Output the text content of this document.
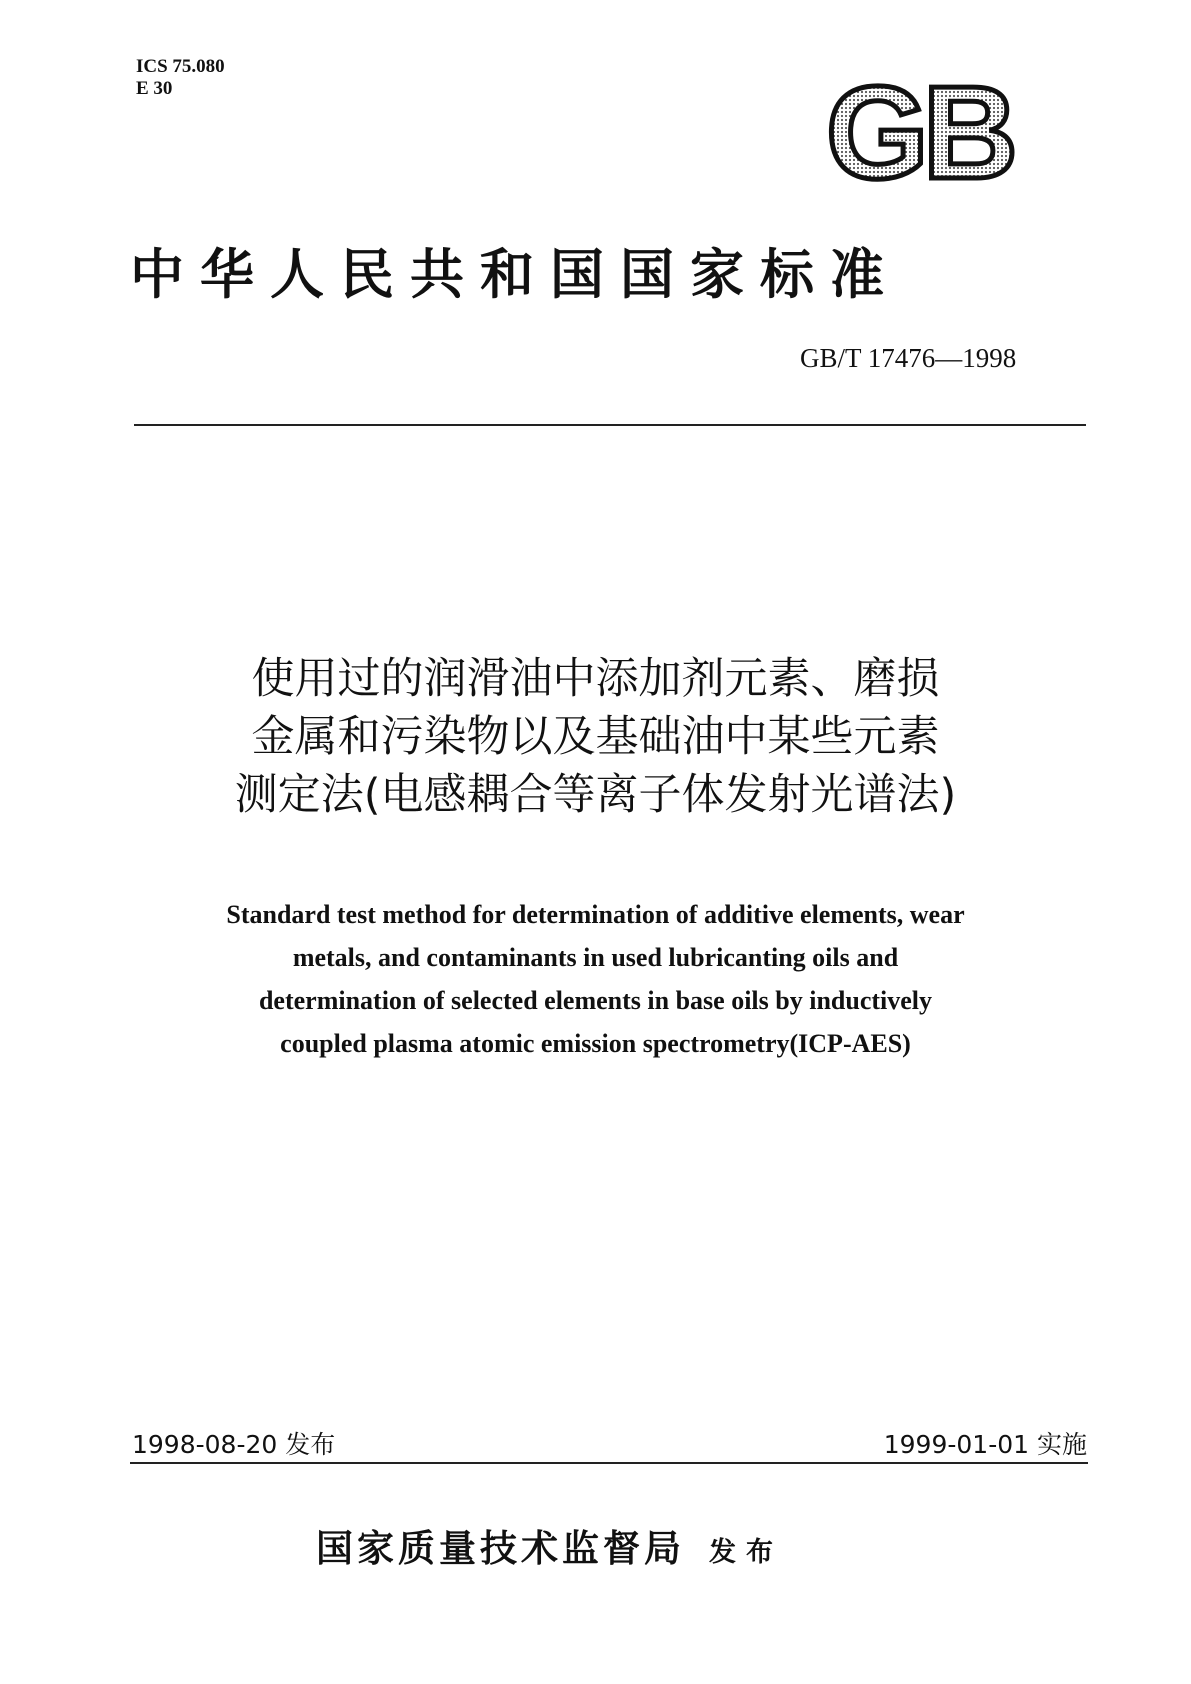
ICS 75.080
E 30	GB
中华人民共和国国家标准
GB/T 17476—1998
使用过的润滑油中添加剂元素、磨损
金属和污染物以及基础油中某些元素
测定法(电感耦合等离子体发射光谱法)
Standard test method for determination of additive elements, wear
metals, and contaminants in used lubricanting oils and
determination of selected elements in base oils by inductively
coupled plasma atomic emission spectrometry(ICP-AES)
1998-08-20 发布	1999-01-01 实施
国家质量技术监督局 发布
